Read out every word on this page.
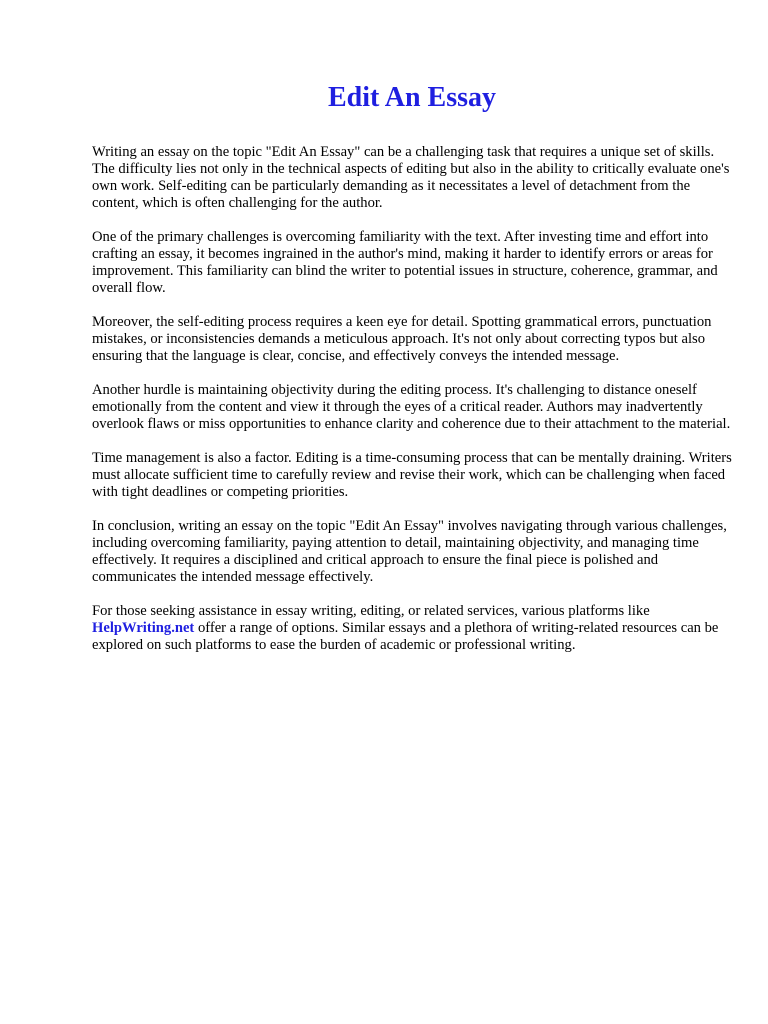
Edit An Essay

Writing an essay on the topic "Edit An Essay" can be a challenging task that requires a unique set of skills. The difficulty lies not only in the technical aspects of editing but also in the ability to critically evaluate one's own work. Self-editing can be particularly demanding as it necessitates a level of detachment from the content, which is often challenging for the author.

One of the primary challenges is overcoming familiarity with the text. After investing time and effort into crafting an essay, it becomes ingrained in the author's mind, making it harder to identify errors or areas for improvement. This familiarity can blind the writer to potential issues in structure, coherence, grammar, and overall flow.

Moreover, the self-editing process requires a keen eye for detail. Spotting grammatical errors, punctuation mistakes, or inconsistencies demands a meticulous approach. It's not only about correcting typos but also ensuring that the language is clear, concise, and effectively conveys the intended message.

Another hurdle is maintaining objectivity during the editing process. It's challenging to distance oneself emotionally from the content and view it through the eyes of a critical reader. Authors may inadvertently overlook flaws or miss opportunities to enhance clarity and coherence due to their attachment to the material.

Time management is also a factor. Editing is a time-consuming process that can be mentally draining. Writers must allocate sufficient time to carefully review and revise their work, which can be challenging when faced with tight deadlines or competing priorities.

In conclusion, writing an essay on the topic "Edit An Essay" involves navigating through various challenges, including overcoming familiarity, paying attention to detail, maintaining objectivity, and managing time effectively. It requires a disciplined and critical approach to ensure the final piece is polished and communicates the intended message effectively.

For those seeking assistance in essay writing, editing, or related services, various platforms like HelpWriting.net offer a range of options. Similar essays and a plethora of writing-related resources can be explored on such platforms to ease the burden of academic or professional writing.
